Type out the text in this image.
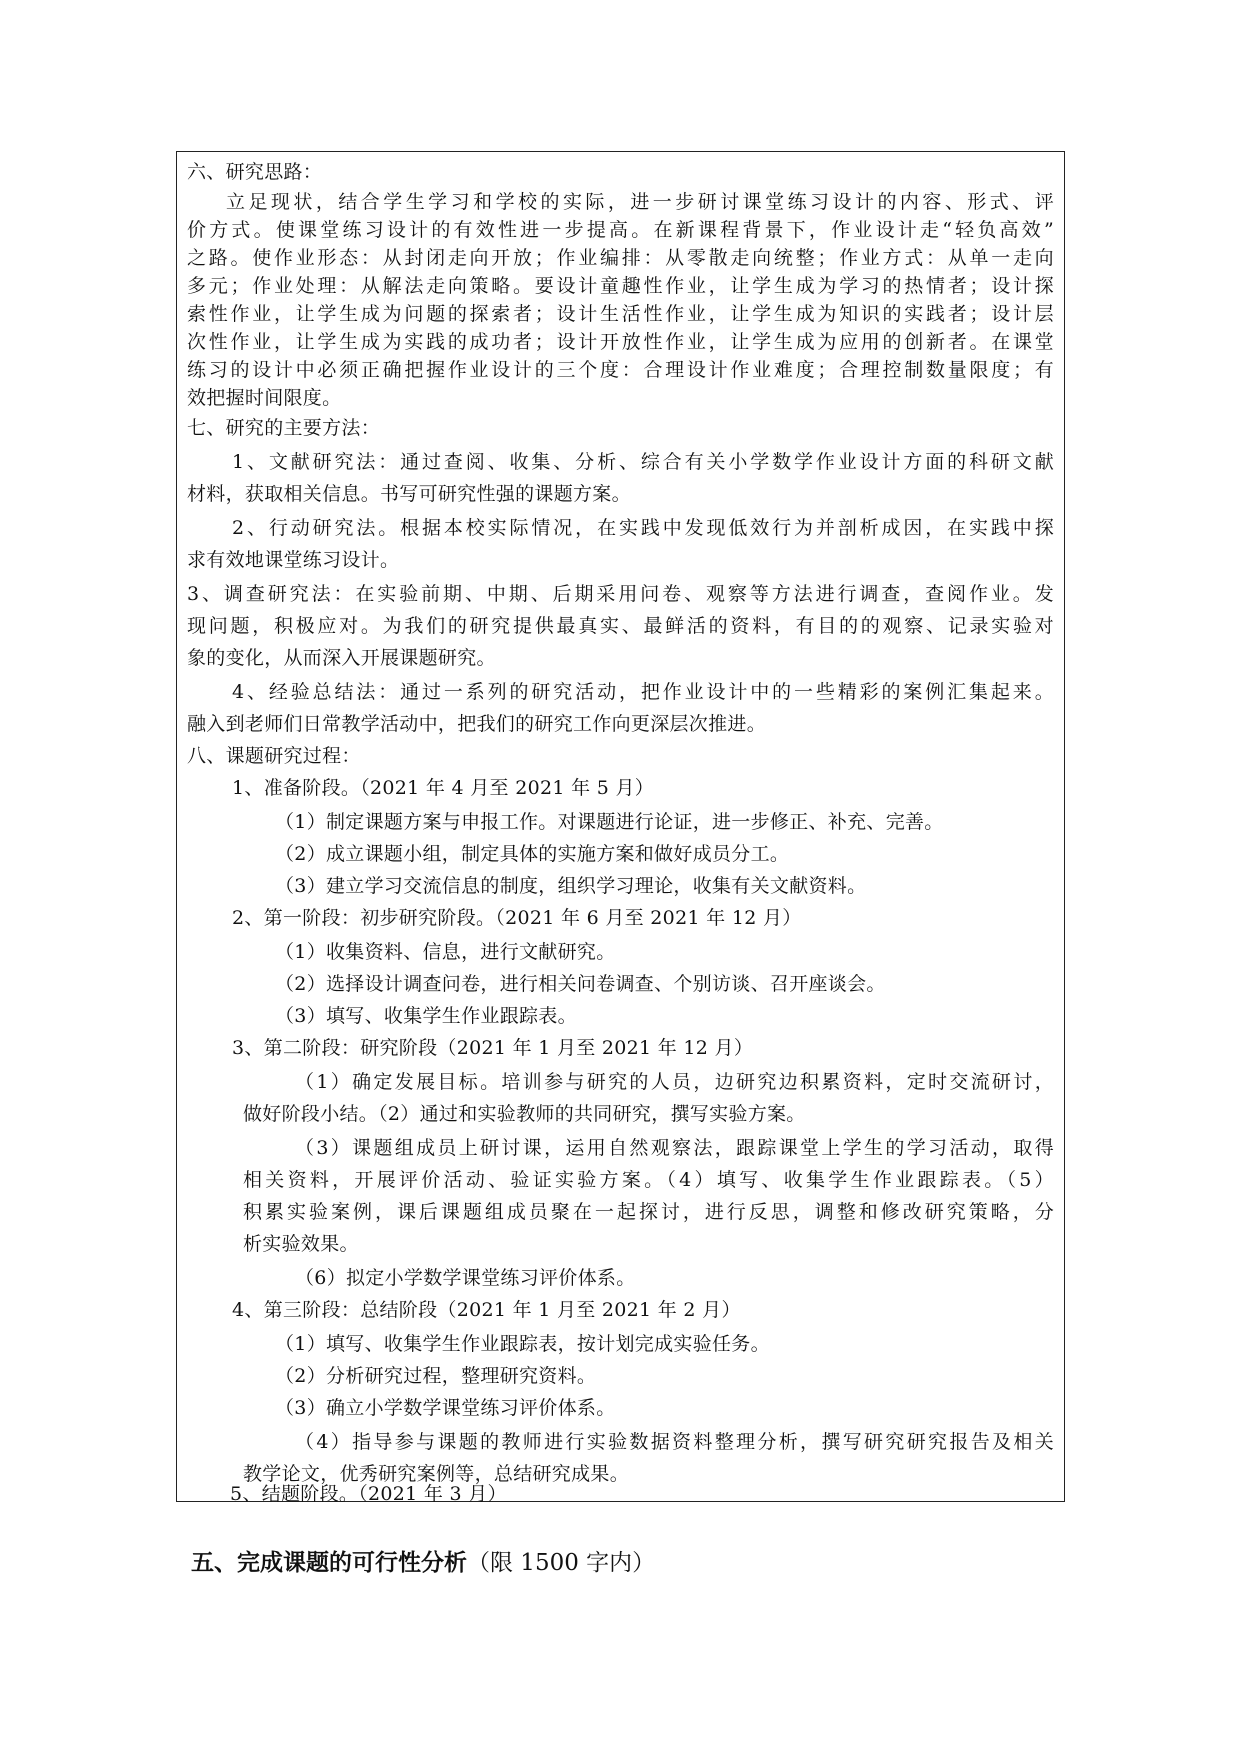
六、研究思路：
立足现状，结合学生学习和学校的实际，进一步研讨课堂练习设计的内容、形式、评
价方式。使课堂练习设计的有效性进一步提高。在新课程背景下，作业设计走“轻负高效”
之路。使作业形态：从封闭走向开放；作业编排：从零散走向统整；作业方式：从单一走向
多元；作业处理：从解法走向策略。要设计童趣性作业，让学生成为学习的热情者；设计探
索性作业，让学生成为问题的探索者；设计生活性作业，让学生成为知识的实践者；设计层
次性作业，让学生成为实践的成功者；设计开放性作业，让学生成为应用的创新者。在课堂
练习的设计中必须正确把握作业设计的三个度：合理设计作业难度；合理控制数量限度；有
效把握时间限度。
七、研究的主要方法：
1、文献研究法：通过查阅、收集、分析、综合有关小学数学作业设计方面的科研文献
材料，获取相关信息。书写可研究性强的课题方案。
2、行动研究法。根据本校实际情况，在实践中发现低效行为并剖析成因，在实践中探
求有效地课堂练习设计。
3、调查研究法：在实验前期、中期、后期采用问卷、观察等方法进行调查，查阅作业。发
现问题，积极应对。为我们的研究提供最真实、最鲜活的资料，有目的的观察、记录实验对
象的变化，从而深入开展课题研究。
4、经验总结法：通过一系列的研究活动，把作业设计中的一些精彩的案例汇集起来。
融入到老师们日常教学活动中，把我们的研究工作向更深层次推进。
八、课题研究过程：
1、准备阶段。（2021 年 4 月至 2021 年 5 月）
（1）制定课题方案与申报工作。对课题进行论证，进一步修正、补充、完善。
（2）成立课题小组，制定具体的实施方案和做好成员分工。
（3）建立学习交流信息的制度，组织学习理论，收集有关文献资料。
2、第一阶段：初步研究阶段。（2021 年 6 月至 2021 年 12 月）
（1）收集资料、信息，进行文献研究。
（2）选择设计调查问卷，进行相关问卷调查、个别访谈、召开座谈会。
（3）填写、收集学生作业跟踪表。
3、第二阶段：研究阶段（2021 年 1 月至 2021 年 12 月）
（1）确定发展目标。培训参与研究的人员，边研究边积累资料，定时交流研讨，
做好阶段小结。（2）通过和实验教师的共同研究，撰写实验方案。
（3）课题组成员上研讨课，运用自然观察法，跟踪课堂上学生的学习活动，取得
相关资料，开展评价活动、验证实验方案。（4）填写、收集学生作业跟踪表。（5）
积累实验案例，课后课题组成员聚在一起探讨，进行反思，调整和修改研究策略，分
析实验效果。
（6）拟定小学数学课堂练习评价体系。
4、第三阶段：总结阶段（2021 年 1 月至 2021 年 2 月）
（1）填写、收集学生作业跟踪表，按计划完成实验任务。
（2）分析研究过程，整理研究资料。
（3）确立小学数学课堂练习评价体系。
（4）指导参与课题的教师进行实验数据资料整理分析，撰写研究研究报告及相关
教学论文，优秀研究案例等，总结研究成果。
5、结题阶段。（2021 年 3 月）
五、完成课题的可行性分析（限 1500 字内）
